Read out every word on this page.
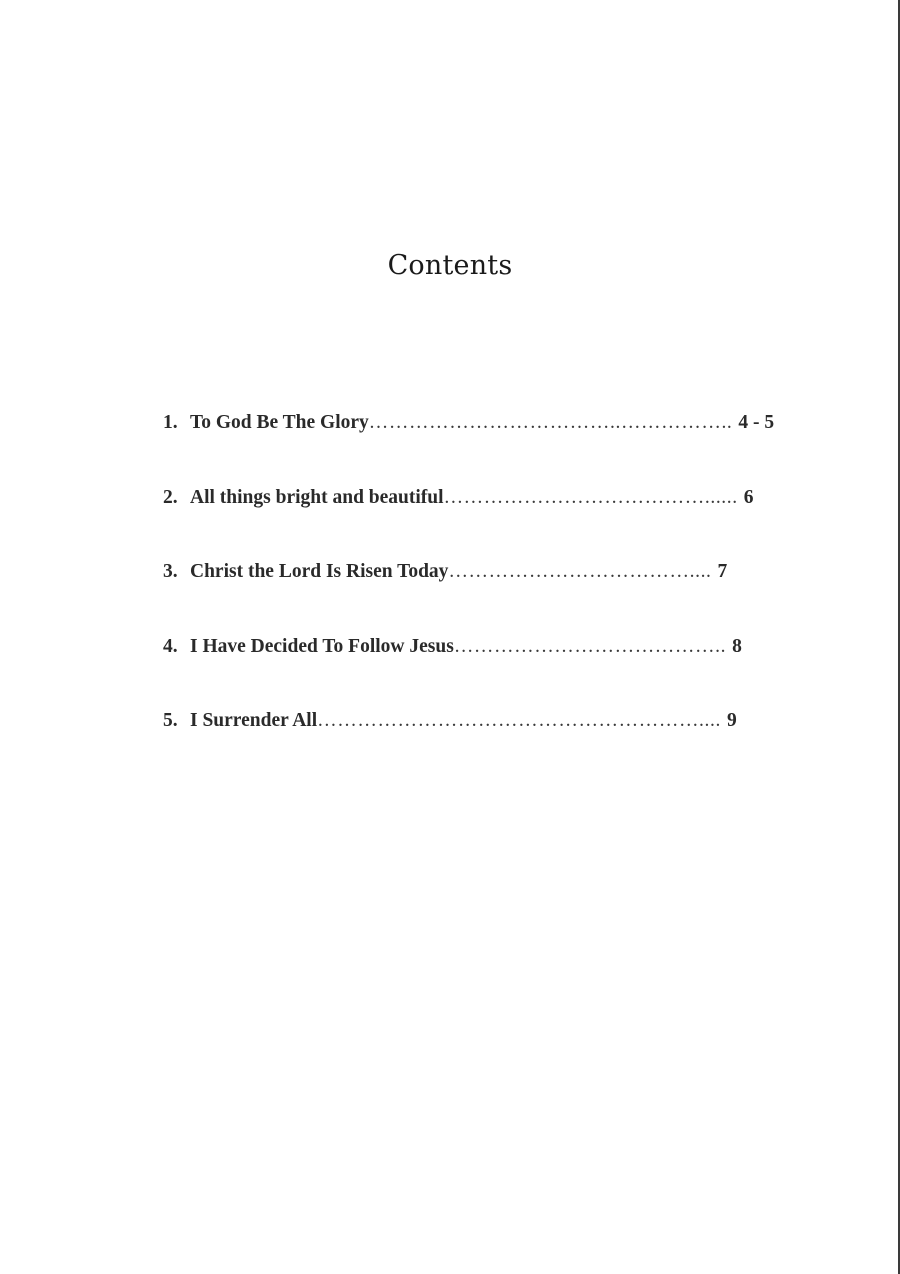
Contents
1. To God Be The Glory ………………………………..…………….. 4 - 5
2. All things bright and beautiful …………………………………...... 6
3. Christ the Lord Is Risen Today ……………………………….... 7
4. I Have Decided To Follow Jesus ………………………………….. 8
5. I Surrender All ………………………………………………….... 9
